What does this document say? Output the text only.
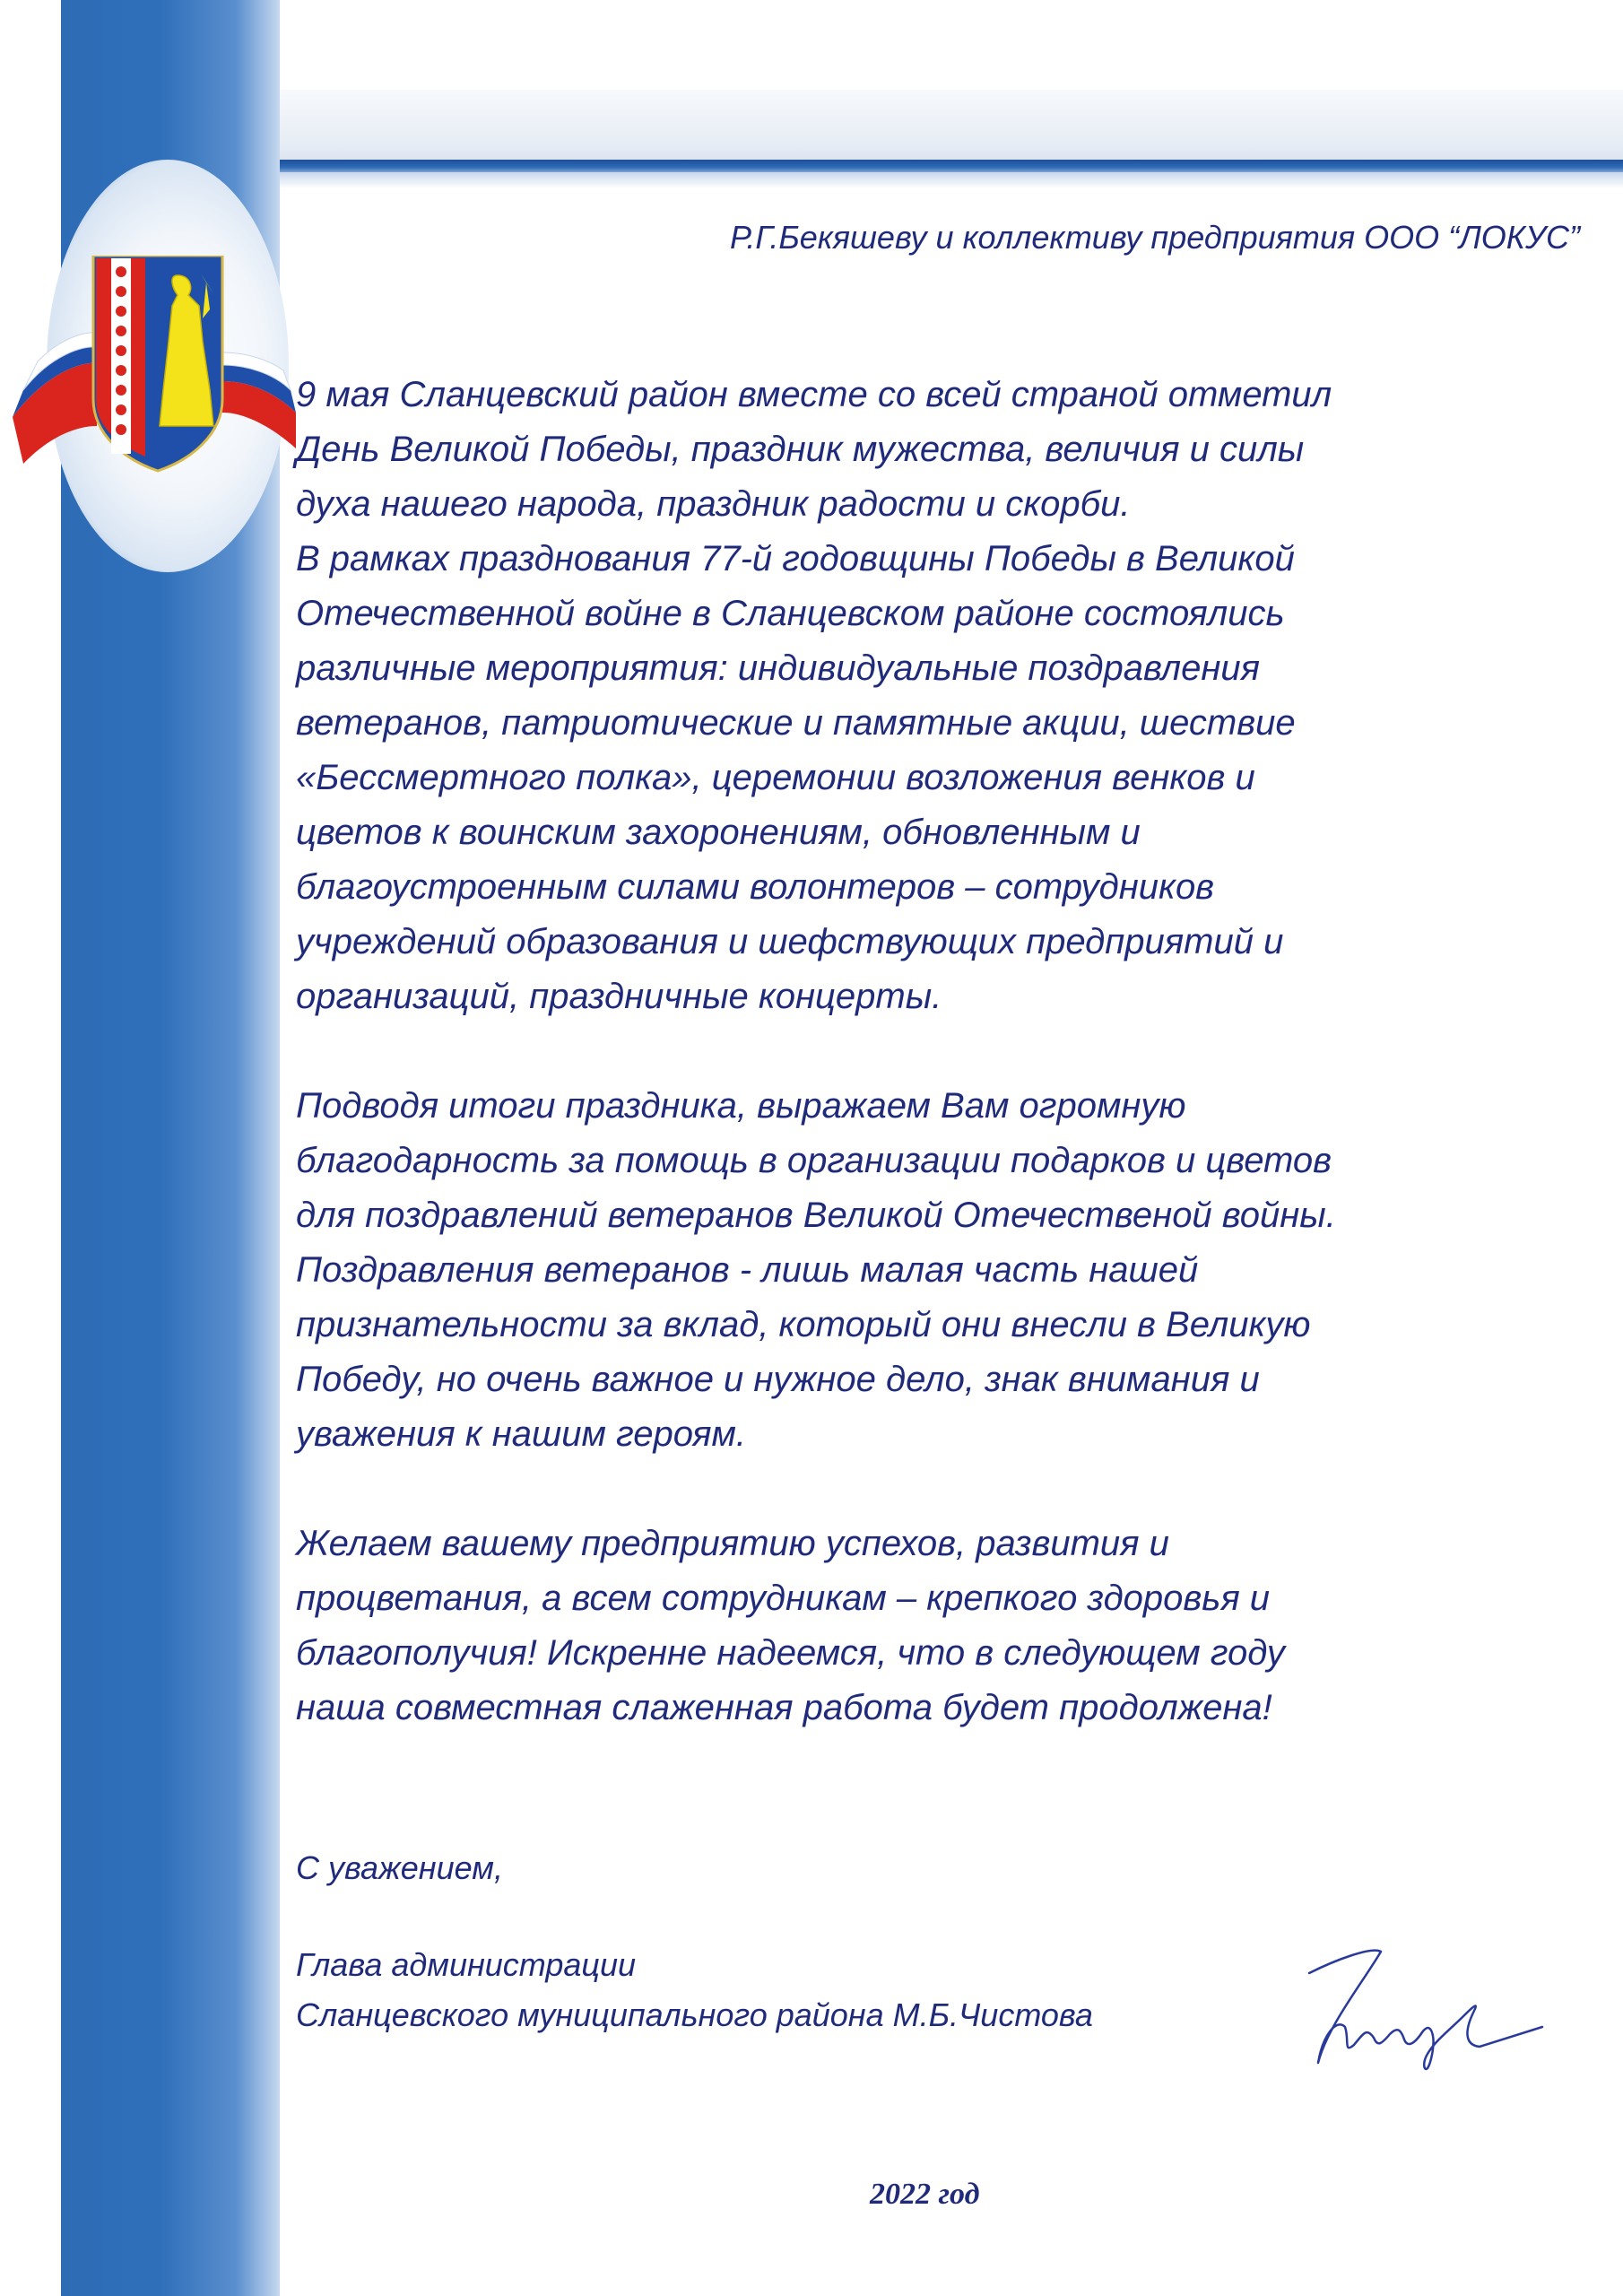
Р.Г.Бекяшеву и коллективу предприятия ООО “ЛОКУС”

9 мая Сланцевский район вместе со всей страной отметил
День Великой Победы, праздник мужества, величия и силы
духа нашего народа, праздник радости и скорби.
В рамках празднования 77-й годовщины Победы в Великой
Отечественной войне в Сланцевском районе состоялись
различные мероприятия: индивидуальные поздравления
ветеранов, патриотические и памятные акции, шествие
«Бессмертного полка», церемонии возложения венков и
цветов к воинским захоронениям, обновленным и
благоустроенным силами волонтеров – сотрудников
учреждений образования и шефствующих предприятий и
организаций, праздничные концерты.

Подводя итоги праздника, выражаем Вам огромную
благодарность за помощь в организации подарков и цветов
для поздравлений ветеранов Великой Отечественой войны.
Поздравления ветеранов - лишь малая часть нашей
признательности за вклад, который они внесли в Великую
Победу, но очень важное и нужное дело, знак внимания и
уважения к нашим героям.

Желаем вашему предприятию успехов, развития и
процветания, а всем сотрудникам – крепкого здоровья и
благополучия! Искренне надеемся, что в следующем году
наша совместная слаженная работа будет продолжена!

С уважением,
Глава администрации
Сланцевского муниципального района М.Б.Чистова
2022 год
